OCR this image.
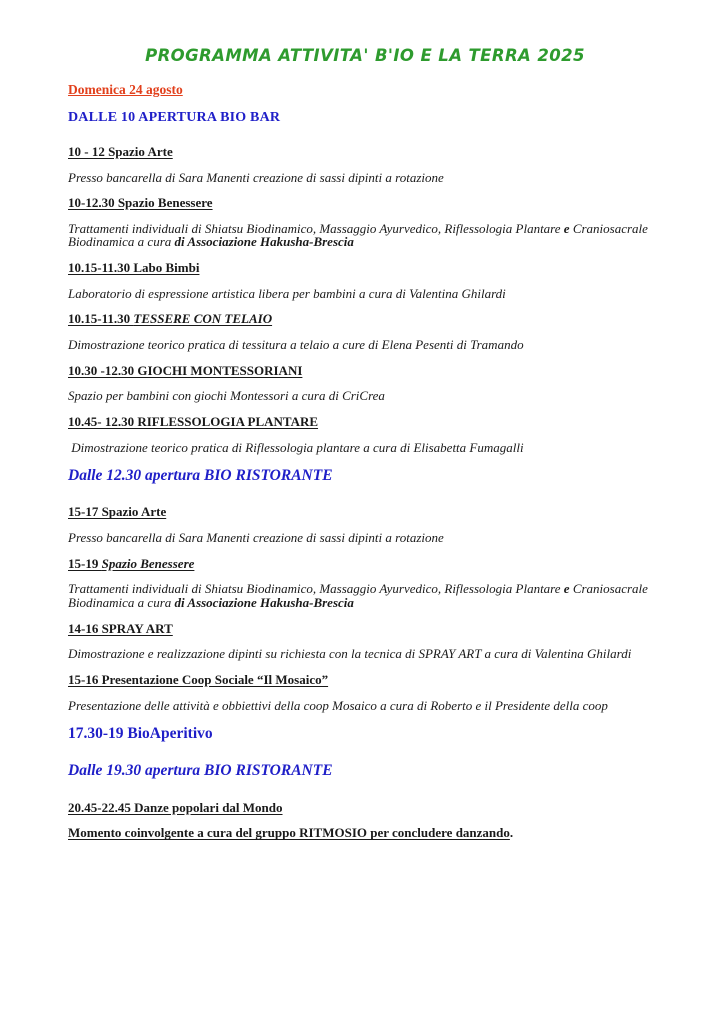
PROGRAMMA ATTIVITA' B'IO E LA TERRA 2025

Domenica 24 agosto

DALLE 10 APERTURA BIO BAR

10 - 12 Spazio Arte

Presso bancarella di Sara Manenti creazione di sassi dipinti a rotazione

10-12.30 Spazio Benessere

Trattamenti individuali di Shiatsu Biodinamico, Massaggio Ayurvedico, Riflessologia Plantare e Craniosacrale Biodinamica a cura di Associazione Hakusha-Brescia

10.15-11.30 Labo Bimbi

Laboratorio di espressione artistica libera per bambini a cura di Valentina Ghilardi

10.15-11.30 TESSERE CON TELAIO

Dimostrazione teorico pratica di tessitura a telaio a cure di Elena Pesenti di Tramando

10.30 -12.30 GIOCHI MONTESSORIANI

Spazio per bambini con giochi Montessori a cura di CriCrea

10.45- 12.30 RIFLESSOLOGIA PLANTARE

Dimostrazione teorico pratica di Riflessologia plantare a cura di Elisabetta Fumagalli

Dalle 12.30 apertura BIO RISTORANTE

15-17 Spazio Arte

Presso bancarella di Sara Manenti creazione di sassi dipinti a rotazione

15-19 Spazio Benessere

Trattamenti individuali di Shiatsu Biodinamico, Massaggio Ayurvedico, Riflessologia Plantare e Craniosacrale Biodinamica a cura di Associazione Hakusha-Brescia

14-16 SPRAY ART

Dimostrazione e realizzazione dipinti su richiesta con la tecnica di SPRAY ART a cura di Valentina Ghilardi

15-16 Presentazione Coop Sociale “Il Mosaico”

Presentazione delle attività e obbiettivi della coop Mosaico a cura di Roberto e il Presidente della coop

17.30-19 BioAperitivo

Dalle 19.30 apertura BIO RISTORANTE

20.45-22.45 Danze popolari dal Mondo

Momento coinvolgente a cura del gruppo RITMOSIO per concludere danzando.
